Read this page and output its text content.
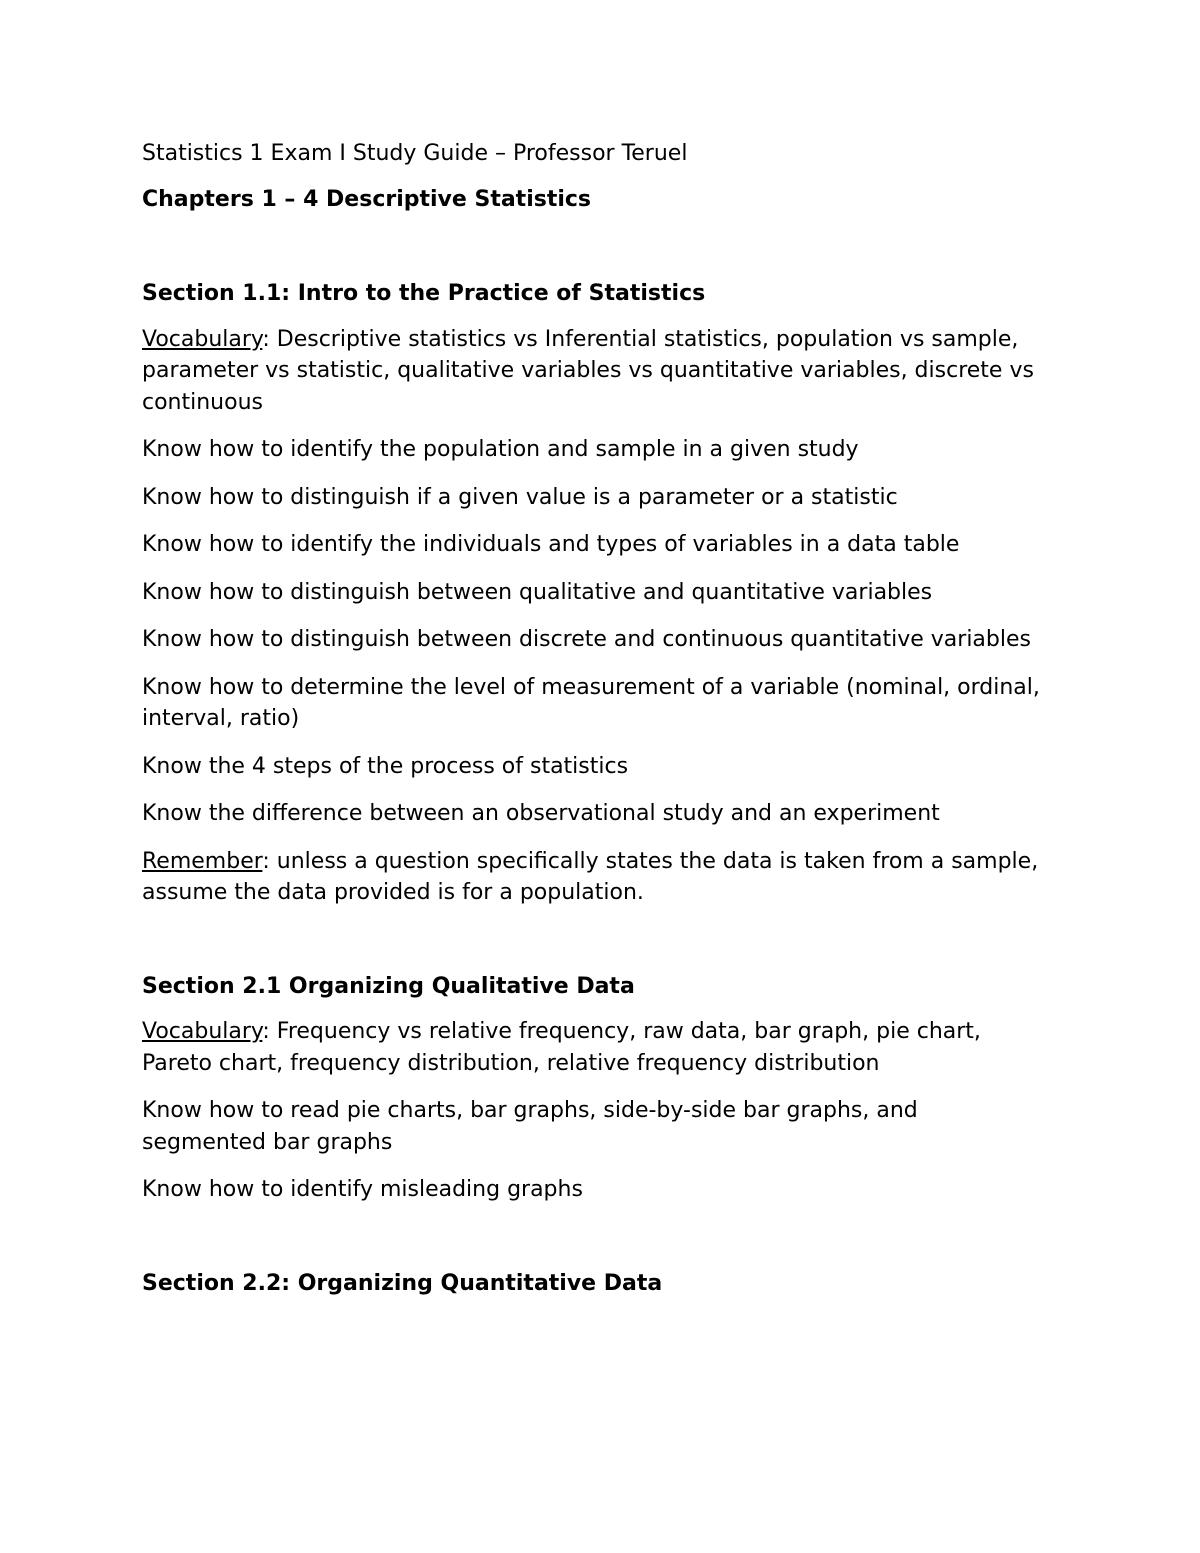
Statistics 1 Exam I Study Guide – Professor Teruel

Chapters 1 – 4 Descriptive Statistics

Section 1.1: Intro to the Practice of Statistics

Vocabulary: Descriptive statistics vs Inferential statistics, population vs sample, parameter vs statistic, qualitative variables vs quantitative variables, discrete vs continuous

Know how to identify the population and sample in a given study

Know how to distinguish if a given value is a parameter or a statistic

Know how to identify the individuals and types of variables in a data table

Know how to distinguish between qualitative and quantitative variables

Know how to distinguish between discrete and continuous quantitative variables

Know how to determine the level of measurement of a variable (nominal, ordinal, interval, ratio)

Know the 4 steps of the process of statistics

Know the difference between an observational study and an experiment

Remember: unless a question specifically states the data is taken from a sample, assume the data provided is for a population.

Section 2.1 Organizing Qualitative Data

Vocabulary: Frequency vs relative frequency, raw data, bar graph, pie chart, Pareto chart, frequency distribution, relative frequency distribution

Know how to read pie charts, bar graphs, side-by-side bar graphs, and segmented bar graphs

Know how to identify misleading graphs

Section 2.2: Organizing Quantitative Data
